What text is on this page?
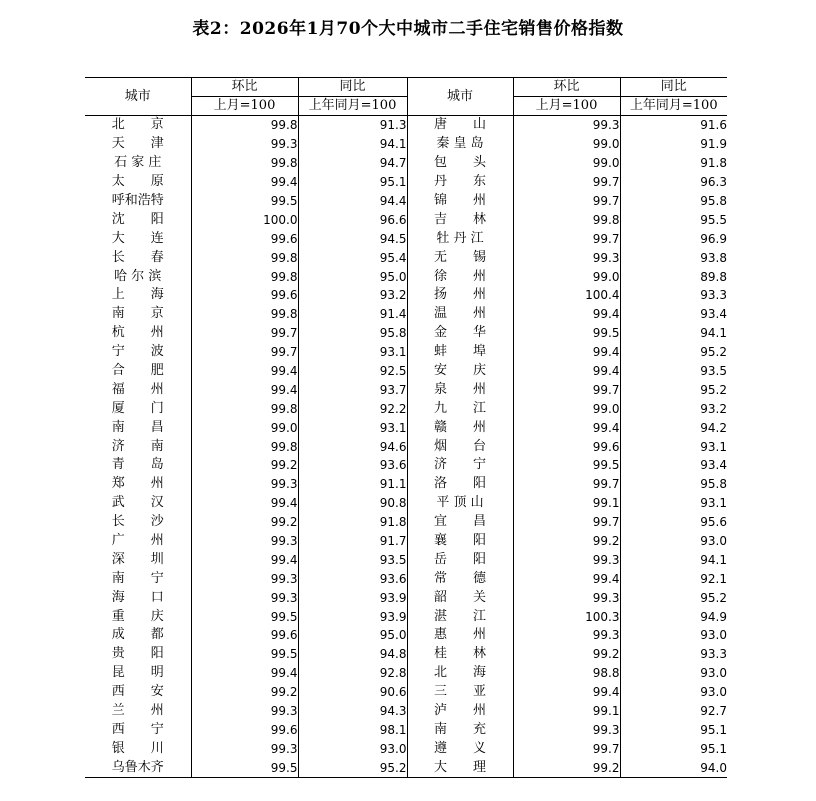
表2：2026年1月70个大中城市二手住宅销售价格指数
城市	环比	同比	城市	环比	同比
	上月=100	上年同月=100		上月=100	上年同月=100
北　　京	99.8	91.3	唐　　山	99.3	91.6
天　　津	99.3	94.1	秦 皇 岛	99.0	91.9
石 家 庄	99.8	94.7	包　　头	99.0	91.8
太　　原	99.4	95.1	丹　　东	99.7	96.3
呼和浩特	99.5	94.4	锦　　州	99.7	95.8
沈　　阳	100.0	96.6	吉　　林	99.8	95.5
大　　连	99.6	94.5	牡 丹 江	99.7	96.9
长　　春	99.8	95.4	无　　锡	99.3	93.8
哈 尔 滨	99.8	95.0	徐　　州	99.0	89.8
上　　海	99.6	93.2	扬　　州	100.4	93.3
南　　京	99.8	91.4	温　　州	99.4	93.4
杭　　州	99.7	95.8	金　　华	99.5	94.1
宁　　波	99.7	93.1	蚌　　埠	99.4	95.2
合　　肥	99.4	92.5	安　　庆	99.4	93.5
福　　州	99.4	93.7	泉　　州	99.7	95.2
厦　　门	99.8	92.2	九　　江	99.0	93.2
南　　昌	99.0	93.1	赣　　州	99.4	94.2
济　　南	99.8	94.6	烟　　台	99.6	93.1
青　　岛	99.2	93.6	济　　宁	99.5	93.4
郑　　州	99.3	91.1	洛　　阳	99.7	95.8
武　　汉	99.4	90.8	平 顶 山	99.1	93.1
长　　沙	99.2	91.8	宜　　昌	99.7	95.6
广　　州	99.3	91.7	襄　　阳	99.2	93.0
深　　圳	99.4	93.5	岳　　阳	99.3	94.1
南　　宁	99.3	93.6	常　　德	99.4	92.1
海　　口	99.3	93.9	韶　　关	99.3	95.2
重　　庆	99.5	93.9	湛　　江	100.3	94.9
成　　都	99.6	95.0	惠　　州	99.3	93.0
贵　　阳	99.5	94.8	桂　　林	99.2	93.3
昆　　明	99.4	92.8	北　　海	98.8	93.0
西　　安	99.2	90.6	三　　亚	99.4	93.0
兰　　州	99.3	94.3	泸　　州	99.1	92.7
西　　宁	99.6	98.1	南　　充	99.3	95.1
银　　川	99.3	93.0	遵　　义	99.7	95.1
乌鲁木齐	99.5	95.2	大　　理	99.2	94.0
